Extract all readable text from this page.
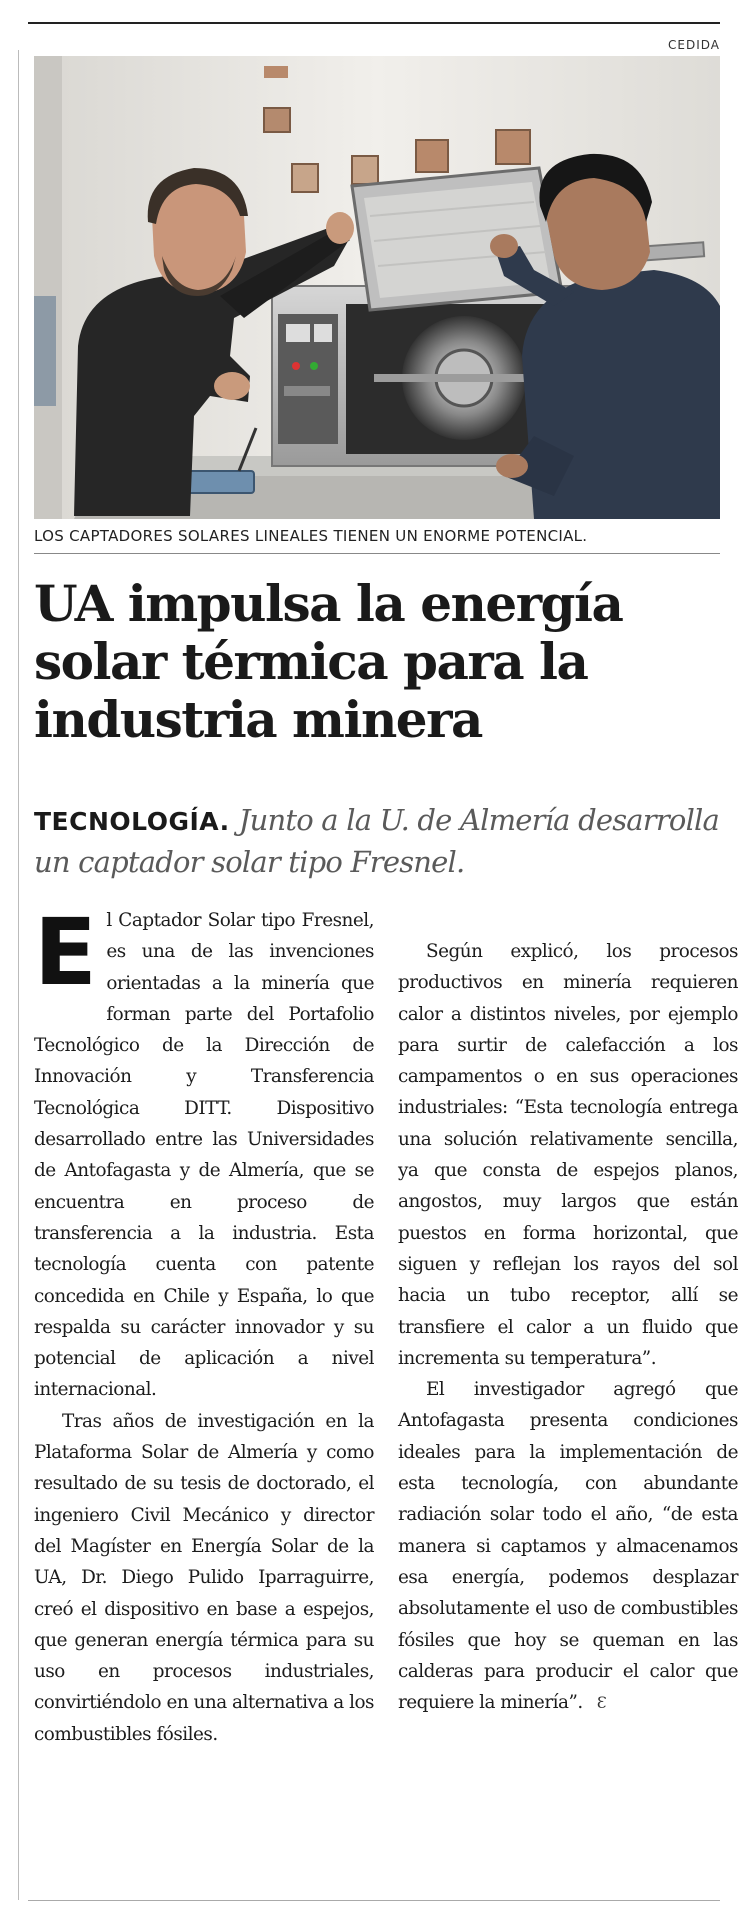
CEDIDA
LOS CAPTADORES SOLARES LINEALES TIENEN UN ENORME POTENCIAL.
UA impulsa la energía solar térmica para la industria minera
TECNOLOGÍA. Junto a la U. de Almería desarrolla un captador solar tipo Fresnel.

El Captador Solar tipo Fresnel, es una de las invenciones orientadas a la minería que forman parte del Portafolio Tecnológico de la Dirección de Innovación y Transferencia Tecnológica DITT. Dispositivo desarrollado entre las Universidades de Antofagasta y de Almería, que se encuentra en proceso de transferencia a la industria. Esta tecnología cuenta con patente concedida en Chile y España, lo que respalda su carácter innovador y su potencial de aplicación a nivel internacional.

Tras años de investigación en la Plataforma Solar de Almería y como resultado de su tesis de doctorado, el ingeniero Civil Mecánico y director del Magíster en Energía Solar de la UA, Dr. Diego Pulido Iparraguirre, creó el dispositivo en base a espejos, que generan energía térmica para su uso en procesos industriales, convirtiéndolo en una alternativa a los combustibles fósiles.

Según explicó, los procesos productivos en minería requieren calor a distintos niveles, por ejemplo para surtir de calefacción a los campamentos o en sus operaciones industriales: “Esta tecnología entrega una solución relativamente sencilla, ya que consta de espejos planos, angostos, muy largos que están puestos en forma horizontal, que siguen y reflejan los rayos del sol hacia un tubo receptor, allí se transfiere el calor a un fluido que incrementa su temperatura”.

El investigador agregó que Antofagasta presenta condiciones ideales para la implementación de esta tecnología, con abundante radiación solar todo el año, “de esta manera si captamos y almacenamos esa energía, podemos desplazar absolutamente el uso de combustibles fósiles que hoy se queman en las calderas para producir el calor que requiere la minería”. Ɛ
